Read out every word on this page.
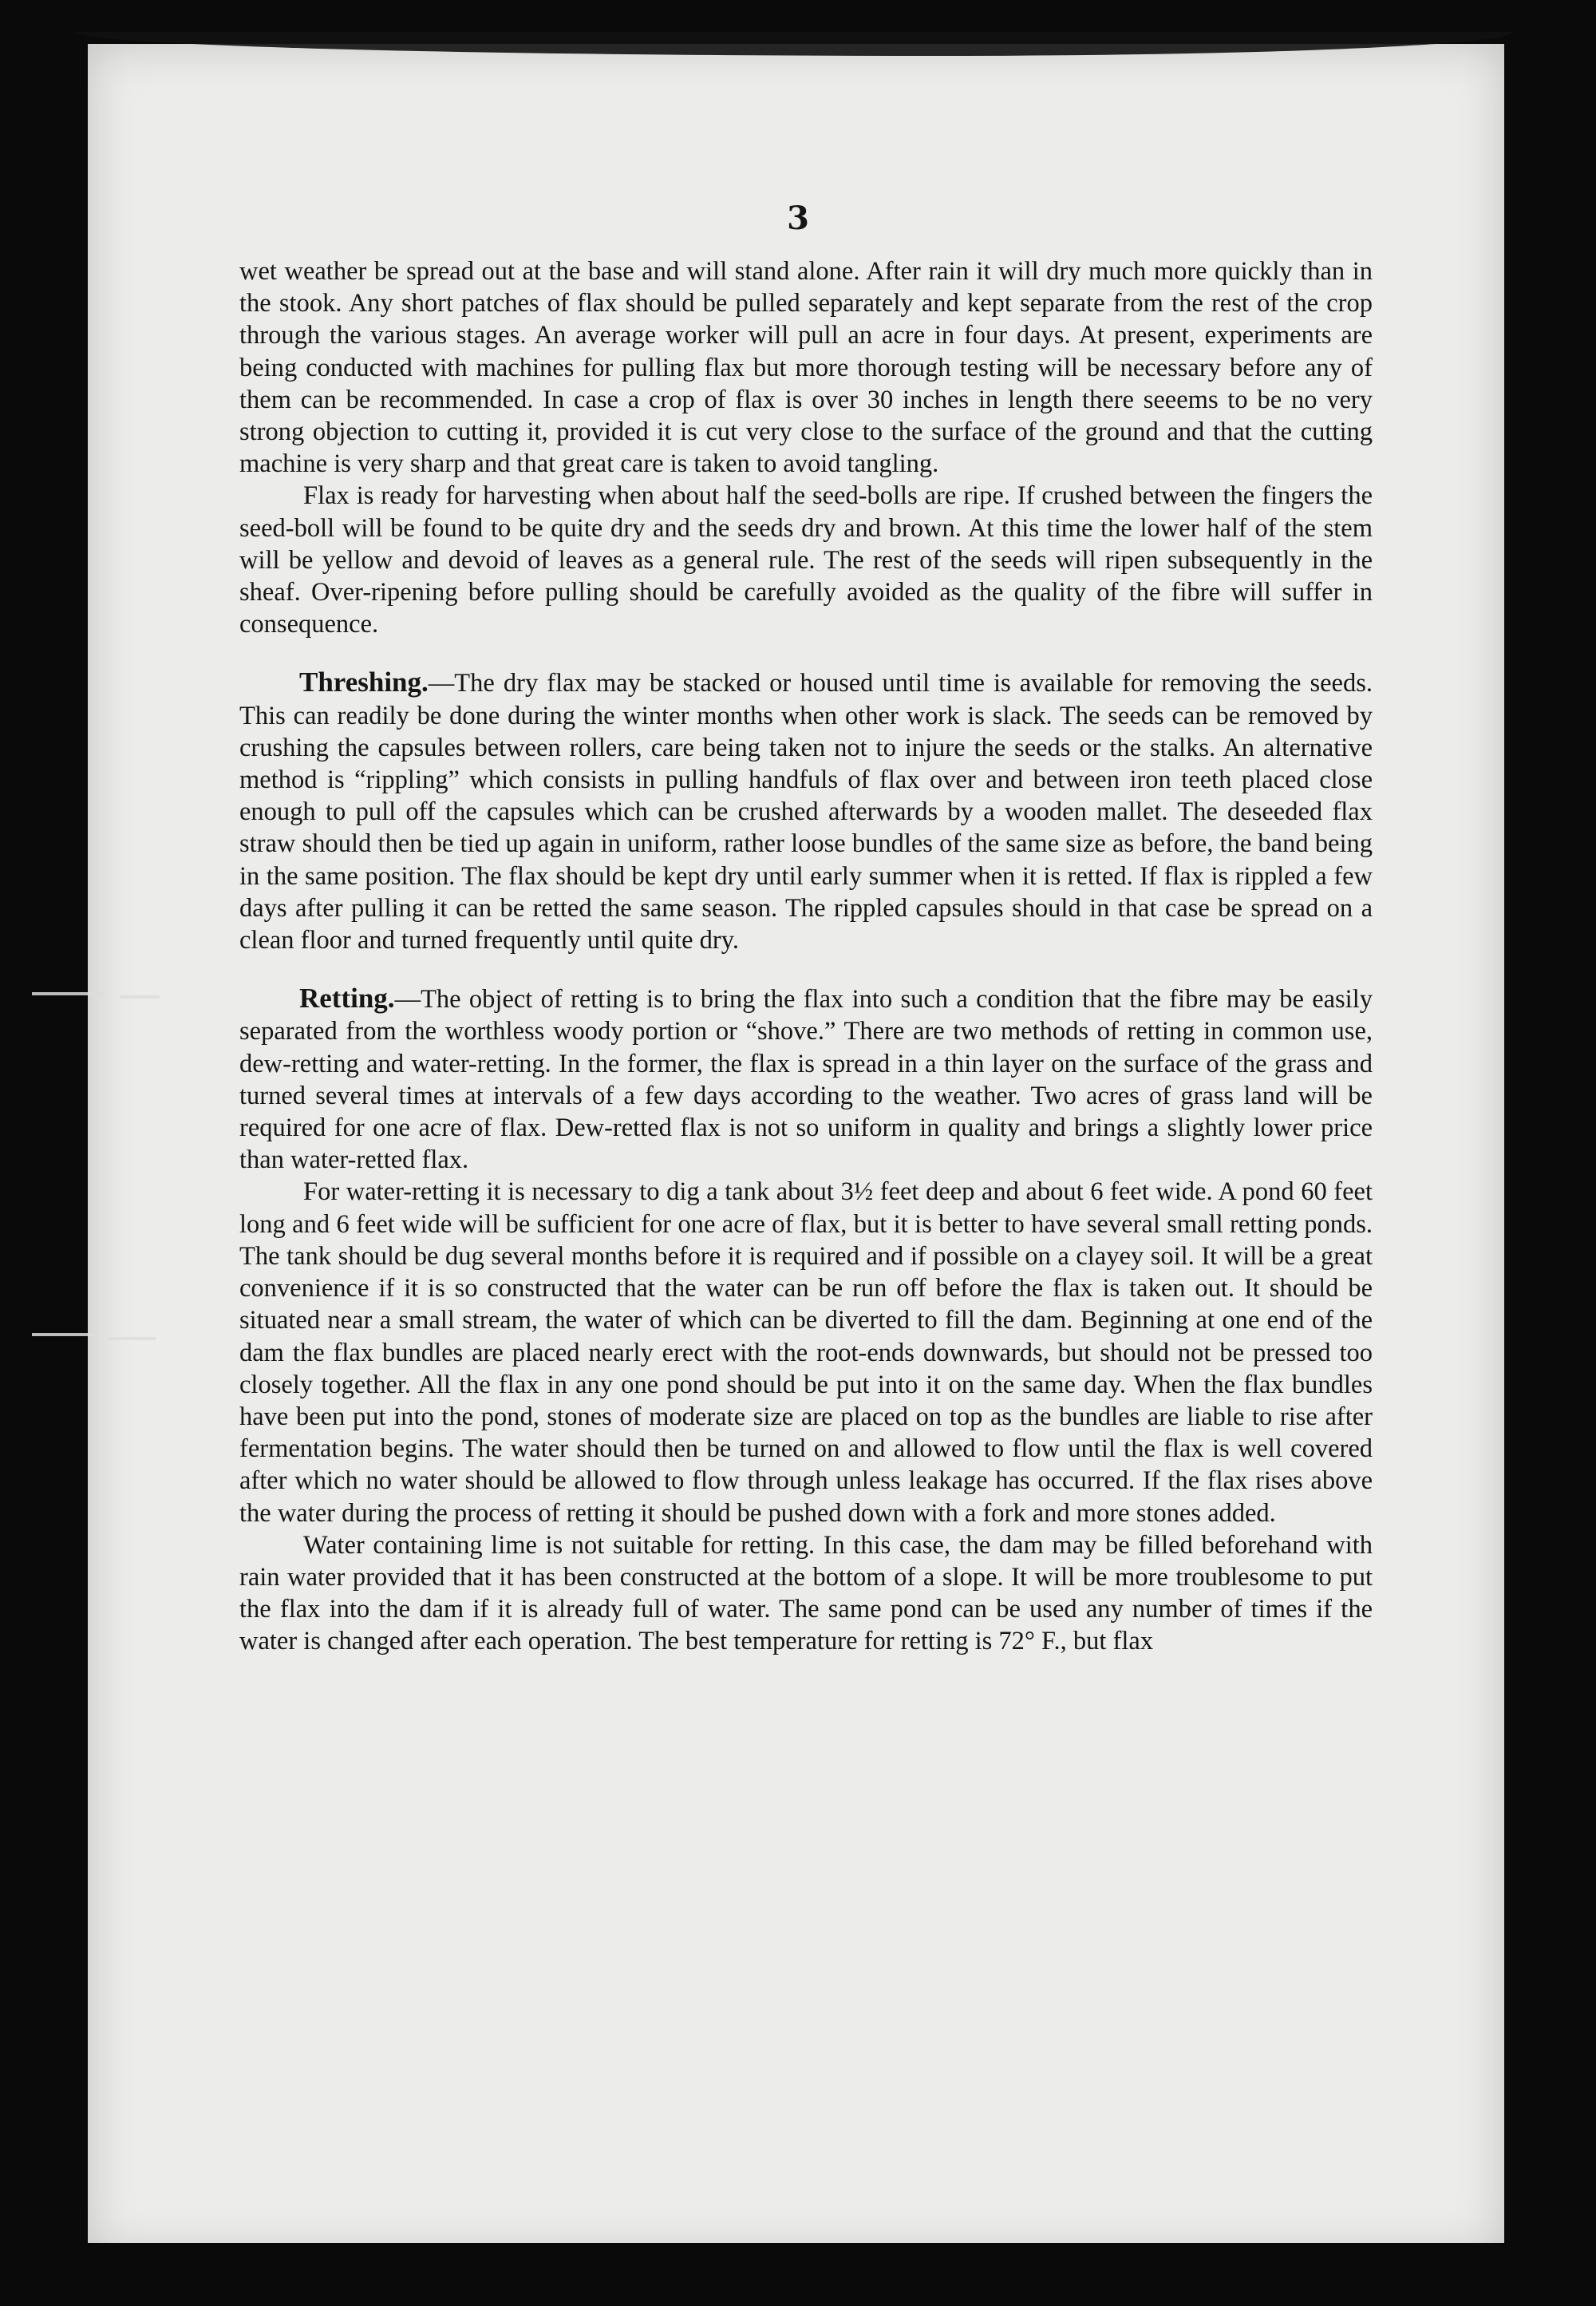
3

wet weather be spread out at the base and will stand alone. After rain it will dry much more quickly than in the stook. Any short patches of flax should be pulled separately and kept separate from the rest of the crop through the various stages. An average worker will pull an acre in four days. At present, experiments are being conducted with machines for pulling flax but more thorough testing will be necessary before any of them can be recommended. In case a crop of flax is over 30 inches in length there seeems to be no very strong objection to cutting it, provided it is cut very close to the surface of the ground and that the cutting machine is very sharp and that great care is taken to avoid tangling.

Flax is ready for harvesting when about half the seed-bolls are ripe. If crushed between the fingers the seed-boll will be found to be quite dry and the seeds dry and brown. At this time the lower half of the stem will be yellow and devoid of leaves as a general rule. The rest of the seeds will ripen subsequently in the sheaf. Over-ripening before pulling should be carefully avoided as the quality of the fibre will suffer in consequence.

Threshing.—The dry flax may be stacked or housed until time is available for removing the seeds. This can readily be done during the winter months when other work is slack. The seeds can be removed by crushing the capsules between rollers, care being taken not to injure the seeds or the stalks. An alternative method is “rippling” which consists in pulling handfuls of flax over and between iron teeth placed close enough to pull off the capsules which can be crushed afterwards by a wooden mallet. The deseeded flax straw should then be tied up again in uniform, rather loose bundles of the same size as before, the band being in the same position. The flax should be kept dry until early summer when it is retted. If flax is rippled a few days after pulling it can be retted the same season. The rippled capsules should in that case be spread on a clean floor and turned frequently until quite dry.

Retting.—The object of retting is to bring the flax into such a condition that the fibre may be easily separated from the worthless woody portion or “shove.” There are two methods of retting in common use, dew-retting and water-retting. In the former, the flax is spread in a thin layer on the surface of the grass and turned several times at intervals of a few days according to the weather. Two acres of grass land will be required for one acre of flax. Dew-retted flax is not so uniform in quality and brings a slightly lower price than water-retted flax.

For water-retting it is necessary to dig a tank about 3½ feet deep and about 6 feet wide. A pond 60 feet long and 6 feet wide will be sufficient for one acre of flax, but it is better to have several small retting ponds. The tank should be dug several months before it is required and if possible on a clayey soil. It will be a great convenience if it is so constructed that the water can be run off before the flax is taken out. It should be situated near a small stream, the water of which can be diverted to fill the dam. Beginning at one end of the dam the flax bundles are placed nearly erect with the root-ends downwards, but should not be pressed too closely together. All the flax in any one pond should be put into it on the same day. When the flax bundles have been put into the pond, stones of moderate size are placed on top as the bundles are liable to rise after fermentation begins. The water should then be turned on and allowed to flow until the flax is well covered after which no water should be allowed to flow through unless leakage has occurred. If the flax rises above the water during the process of retting it should be pushed down with a fork and more stones added.

Water containing lime is not suitable for retting. In this case, the dam may be filled beforehand with rain water provided that it has been constructed at the bottom of a slope. It will be more troublesome to put the flax into the dam if it is already full of water. The same pond can be used any number of times if the water is changed after each operation. The best temperature for retting is 72° F., but flax
